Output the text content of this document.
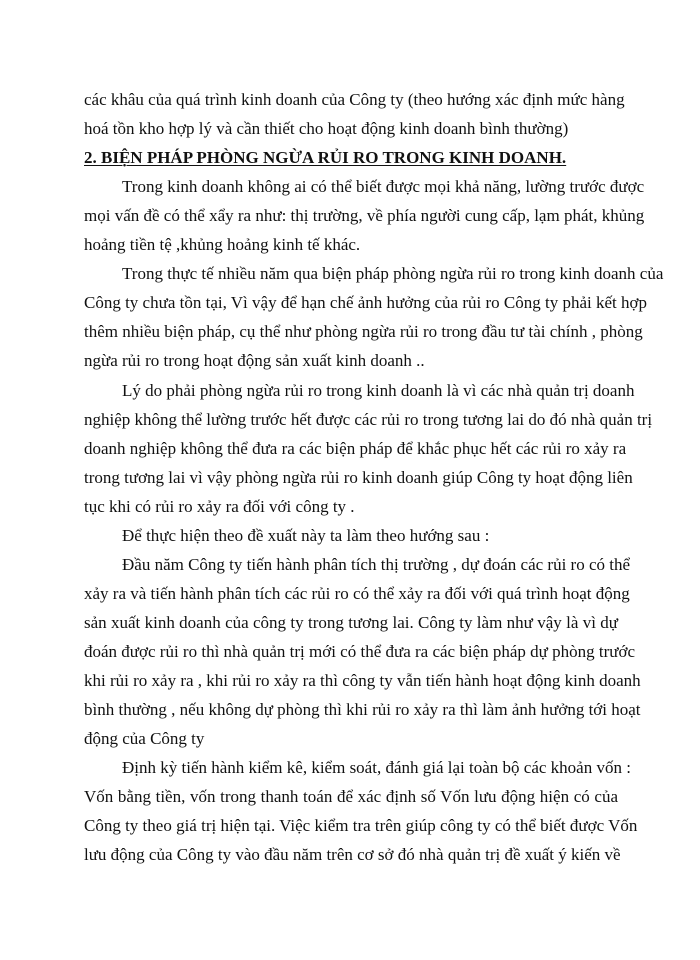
các khâu của quá trình kinh doanh của Công ty (theo hướng xác định mức hàng
hoá tồn kho hợp lý và cần thiết cho hoạt động kinh doanh bình thường)
2. BIỆN PHÁP PHÒNG NGỪA RỦI RO TRONG KINH DOANH.
Trong kinh doanh không ai có thể biết được mọi khả năng, lường trước được
mọi vấn đề có thể xẩy ra như: thị trường, về phía người cung cấp, lạm phát, khủng
hoảng tiền tệ ,khủng hoảng kinh tế khác.
Trong thực tế nhiều năm qua biện pháp phòng ngừa rủi ro trong kinh doanh của
Công ty chưa tồn tại, Vì vậy để hạn chế ảnh hưởng của rủi ro Công ty phải kết hợp
thêm nhiều biện pháp, cụ thể như phòng ngừa rủi ro trong đầu tư tài chính , phòng
ngừa rủi ro trong hoạt động sản xuất kinh doanh ..
Lý do phải phòng ngừa rủi ro trong kinh doanh là vì các nhà quản trị doanh
nghiệp không thể lường trước hết được các rủi ro trong tương lai do đó nhà quản trị
doanh nghiệp không thể đưa ra các biện pháp để khắc phục hết các rủi ro xảy ra
trong tương lai vì vậy phòng ngừa rủi ro kinh doanh giúp Công ty hoạt động liên
tục khi có rủi ro xảy ra đối với công ty .
Để thực hiện theo đề xuất này ta làm theo hướng sau :
Đầu năm Công ty tiến hành phân tích thị trường , dự đoán các rủi ro có thể
xảy ra và tiến hành phân tích các rủi ro có thể xảy ra đối với quá trình hoạt động
sản xuất kinh doanh của công ty trong tương lai. Công ty làm như vậy là vì dự
đoán được rủi ro thì nhà quản trị mới có thể đưa ra các biện pháp dự phòng trước
khi rủi ro xảy ra , khi rủi ro xảy ra thì công ty vẫn tiến hành hoạt động kinh doanh
bình thường , nếu không dự phòng thì khi rủi ro xảy ra thì làm ảnh hưởng tới hoạt
động của Công ty
Định kỳ tiến hành kiểm kê, kiểm soát, đánh giá lại toàn bộ các khoản vốn :
Vốn bằng tiền, vốn trong thanh toán để xác định số Vốn lưu động hiện có của
Công ty theo giá trị hiện tại. Việc kiểm tra trên giúp công ty có thể biết được Vốn
lưu động của Công ty vào đầu năm trên cơ sở đó nhà quản trị đề xuất ý kiến về
